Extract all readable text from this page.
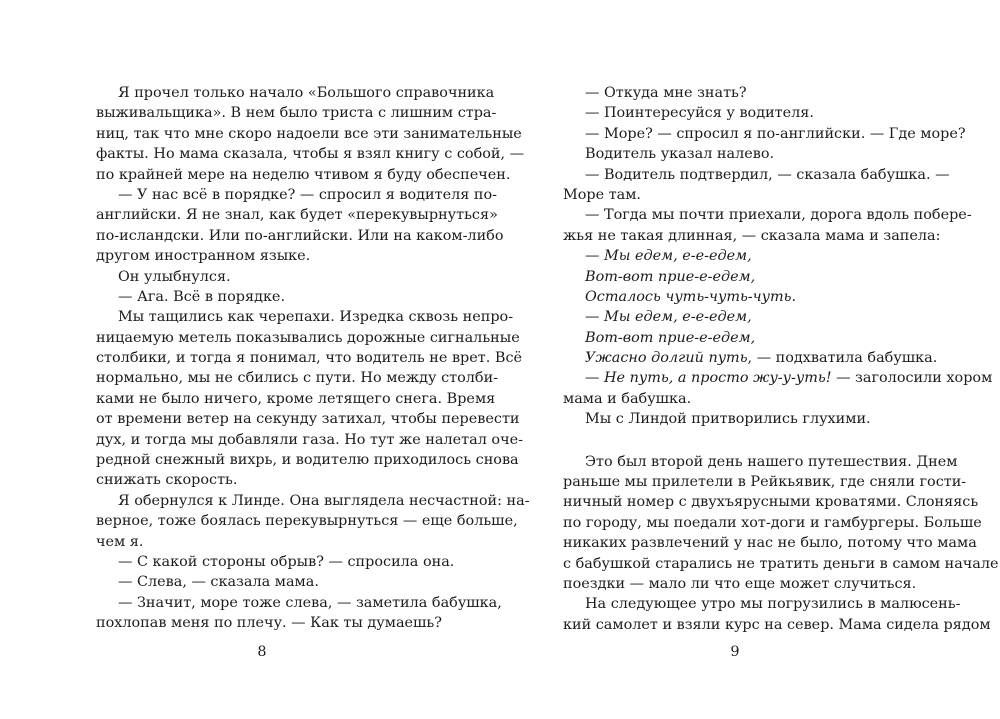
Я прочел только начало «Большого справочника
выживальщика». В нем было триста с лишним стра-
ниц, так что мне скоро надоели все эти занимательные
факты. Но мама сказала, чтобы я взял книгу с собой, —
по крайней мере на неделю чтивом я буду обеспечен.
— У нас всё в порядке? — спросил я водителя по-
английски. Я не знал, как будет «перекувырнуться»
по-исландски. Или по-английски. Или на каком-либо
другом иностранном языке.
Он улыбнулся.
— Ага. Всё в порядке.
Мы тащились как черепахи. Изредка сквозь непро-
ницаемую метель показывались дорожные сигнальные
столбики, и тогда я понимал, что водитель не врет. Всё
нормально, мы не сбились с пути. Но между столби-
ками не было ничего, кроме летящего снега. Время
от времени ветер на секунду затихал, чтобы перевести
дух, и тогда мы добавляли газа. Но тут же налетал оче-
редной снежный вихрь, и водителю приходилось снова
снижать скорость.
Я обернулся к Линде. Она выглядела несчастной: на-
верное, тоже боялась перекувырнуться — еще больше,
чем я.
— С какой стороны обрыв? — спросила она.
— Слева, — сказала мама.
— Значит, море тоже слева, — заметила бабушка,
похлопав меня по плечу. — Как ты думаешь?
— Откуда мне знать?
— Поинтересуйся у водителя.
— Море? — спросил я по-английски. — Где море?
Водитель указал налево.
— Водитель подтвердил, — сказала бабушка. —
Море там.
— Тогда мы почти приехали, дорога вдоль побере-
жья не такая длинная, — сказала мама и запела:
— Мы едем, е-е-едем,
Вот-вот прие-е-едем,
Осталось чуть-чуть-чуть.
— Мы едем, е-е-едем,
Вот-вот прие-е-едем,
Ужасно долгий путь, — подхватила бабушка.
— Не путь, а просто жу-у-уть! — заголосили хором
мама и бабушка.
Мы с Линдой притворились глухими.
Это был второй день нашего путешествия. Днем
раньше мы прилетели в Рейкьявик, где сняли гости-
ничный номер с двухъярусными кроватями. Слоняясь
по городу, мы поедали хот-доги и гамбургеры. Больше
никаких развлечений у нас не было, потому что мама
с бабушкой старались не тратить деньги в самом начале
поездки — мало ли что еще может случиться.
На следующее утро мы погрузились в малюсень-
кий самолет и взяли курс на север. Мама сидела рядом
8	9
